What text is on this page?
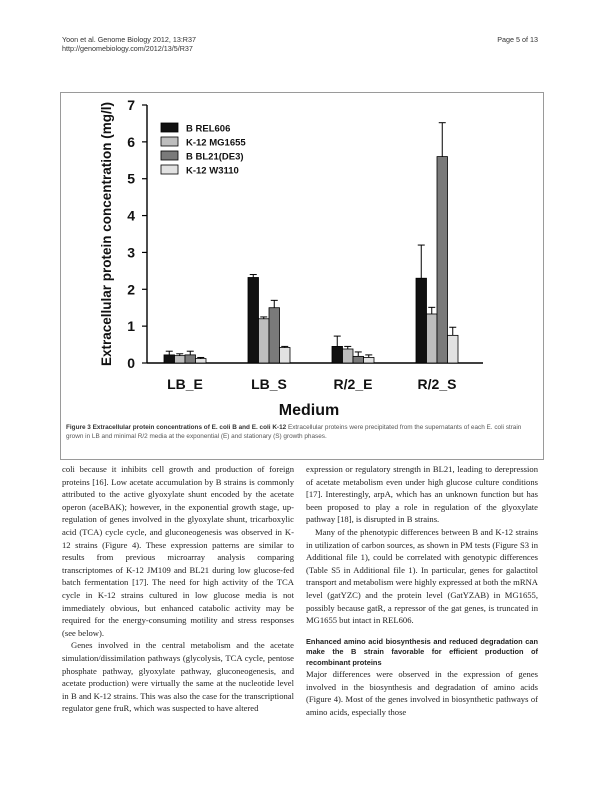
Yoon et al. Genome Biology 2012, 13:R37
http://genomebiology.com/2012/13/5/R37
Page 5 of 13
0
1
2
3
4
5
6
7
Extracellular protein concentration (mg/l)
Medium
LB_E	LB_S	R/2_E	R/2_S
B REL606
K-12 MG1655
B BL21(DE3)
K-12 W3110
Figure 3 Extracellular protein concentrations of E. coli B and E. coli K-12 Extracellular proteins were precipitated from the supernatants of each E. coli strain grown in LB and minimal R/2 media at the exponential (E) and stationary (S) growth phases.

coli because it inhibits cell growth and production of foreign proteins [16]. Low acetate accumulation by B strains is commonly attributed to the active glyoxylate shunt encoded by the acetate operon (aceBAK); however, in the exponential growth stage, up-regulation of genes involved in the glyoxylate shunt, tricarboxylic acid (TCA) cycle cycle, and gluconeogenesis was observed in K-12 strains (Figure 4). These expression patterns are similar to results from previous microarray analysis comparing transcriptomes of K-12 JM109 and BL21 during low glucose-fed batch fermentation [17]. The need for high activity of the TCA cycle in K-12 strains cultured in low glucose media is not immediately obvious, but enhanced catabolic activity may be required for the energy-consuming motility and stress responses (see below).

Genes involved in the central metabolism and the acetate simulation/dissimilation pathways (glycolysis, TCA cycle, pentose phosphate pathway, glyoxylate pathway, gluconeogenesis, and acetate production) were virtually the same at the nucleotide level in B and K-12 strains. This was also the case for the transcriptional regulator gene fruR, which was suspected to have altered

expression or regulatory strength in BL21, leading to derepression of acetate metabolism even under high glucose culture conditions [17]. Interestingly, arpA, which has an unknown function but has been proposed to play a role in regulation of the glyoxylate pathway [18], is disrupted in B strains.

Many of the phenotypic differences between B and K-12 strains in utilization of carbon sources, as shown in PM tests (Figure S3 in Additional file 1), could be correlated with genotypic differences (Table S5 in Additional file 1). In particular, genes for galactitol transport and metabolism were highly expressed at both the mRNA level (gatYZC) and the protein level (GatYZAB) in MG1655, possibly because gatR, a repressor of the gat genes, is truncated in MG1655 but intact in REL606.

Enhanced amino acid biosynthesis and reduced degradation can make the B strain favorable for efficient production of recombinant proteins

Major differences were observed in the expression of genes involved in the biosynthesis and degradation of amino acids (Figure 4). Most of the genes involved in biosynthetic pathways of amino acids, especially those
